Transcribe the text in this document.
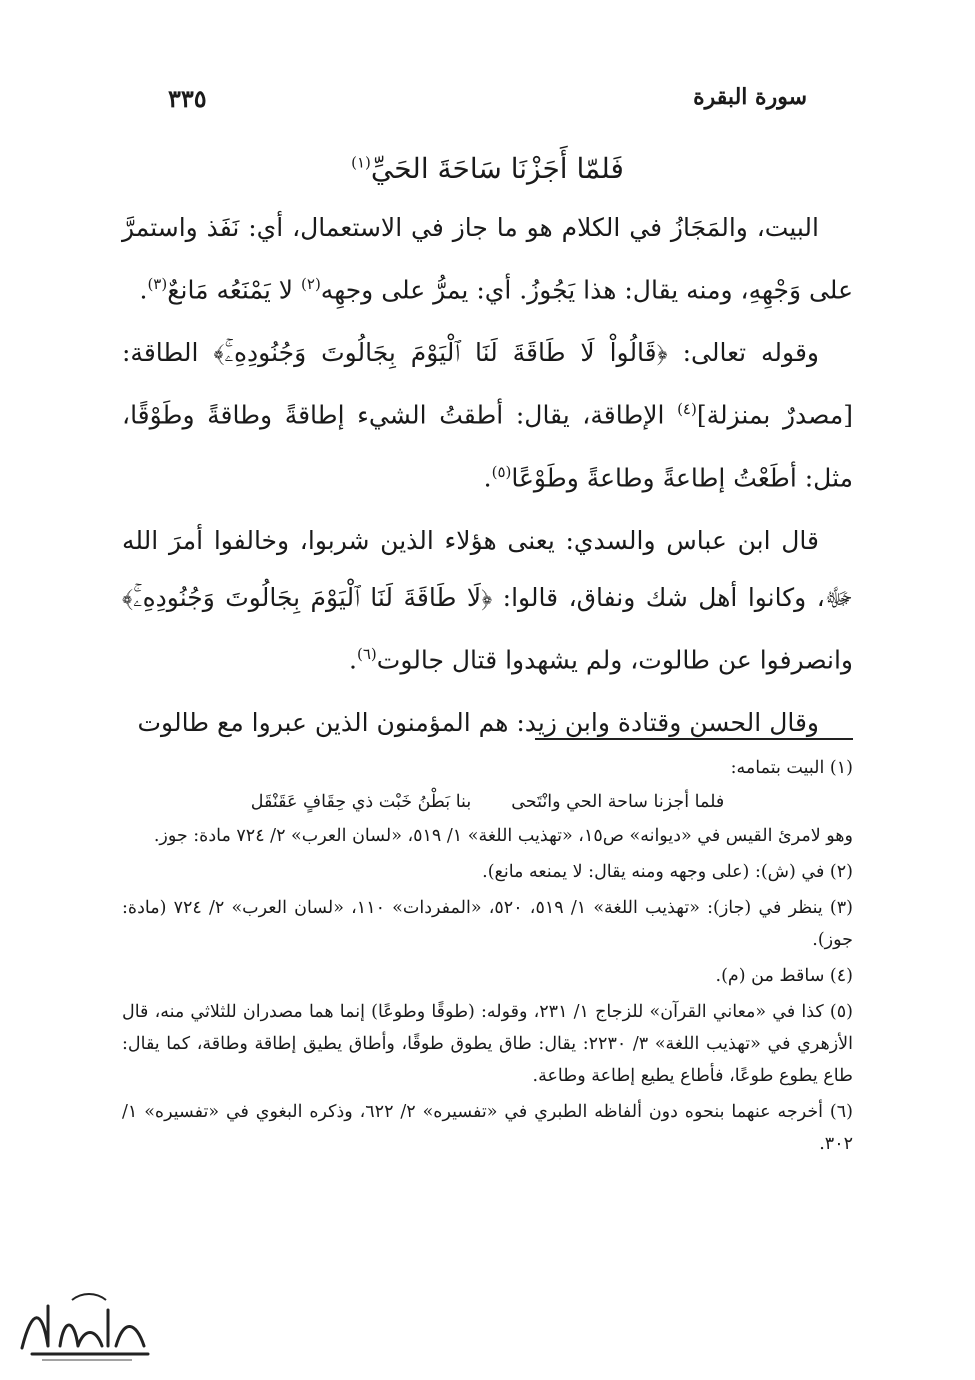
سورة البقرة
٣٣٥
فَلمّا أَجَزْنَا سَاحَةَ الحَيِّ$^{(١)}$

البيت، والمَجَازُ في الكلام هو ما جاز في الاستعمال، أي: نَفَذ واستمرَّ على وَجْهِهِ، ومنه يقال: هذا يَجُوزُ. أي: يمرُّ على وجهِه$^{(٢)}$ لا يَمْنَعُه مَانعٌ$^{(٣)}$.

وقوله تعالى: ﴿قَالُواْ لَا طَاقَةَ لَنَا ٱلْيَوْمَ بِجَالُوتَ وَجُنُودِهِۦۚ﴾ الطاقة: [مصدرٌ بمنزلة]$^{(٤)}$ الإطاقة، يقال: أطقتُ الشيء إطاقةً وطاقةً وطَوْقًا، مثل: أطَعْتُ إطاعةً وطاعةً وطَوْعًا$^{(٥)}$.

قال ابن عباس والسدي: يعنى هؤلاء الذين شربوا، وخالفوا أمرَ الله ﷻ، وكانوا أهل شك ونفاق، قالوا: ﴿لَا طَاقَةَ لَنَا ٱلْيَوْمَ بِجَالُوتَ وَجُنُودِهِۦۚ﴾ وانصرفوا عن طالوت، ولم يشهدوا قتال جالوت$^{(٦)}$.

وقال الحسن وقتادة وابن زيد: هم المؤمنون الذين عبروا مع طالوت

(١) البيت بتمامه:
فلما أجزنا ساحة الحي وانْتَحى
بنا بَطْنُ خَبْت ذي حِقَافٍ عَقَنْقَل
وهو لامرئ القيس في «ديوانه» ص١٥، «تهذيب اللغة» ١/ ٥١٩، «لسان العرب» ٢/ ٧٢٤ مادة: جوز.
(٢) في (ش): (على وجهه ومنه يقال: لا يمنعه مانع).
(٣) ينظر في (جاز): «تهذيب اللغة» ١/ ٥١٩، ٥٢٠، «المفردات» ١١٠، «لسان العرب» ٢/ ٧٢٤ (مادة: جوز).
(٤) ساقط من (م).
(٥) كذا في «معاني القرآن» للزجاج ١/ ٢٣١، وقوله: (طوقًا وطوعًا) إنما هما مصدران للثلاثي منه، قال الأزهري في «تهذيب اللغة» ٣/ ٢٢٣٠: يقال: طاق يطوق طوقًا، وأطاق يطيق إطاقة وطاقة، كما يقال: طاع يطوع طوعًا، فأطاع يطيع إطاعة وطاعة.
(٦) أخرجه عنهما بنحوه دون ألفاظه الطبري في «تفسيره» ٢/ ٦٢٢، وذكره البغوي في «تفسيره» ١/ ٣٠٢.
